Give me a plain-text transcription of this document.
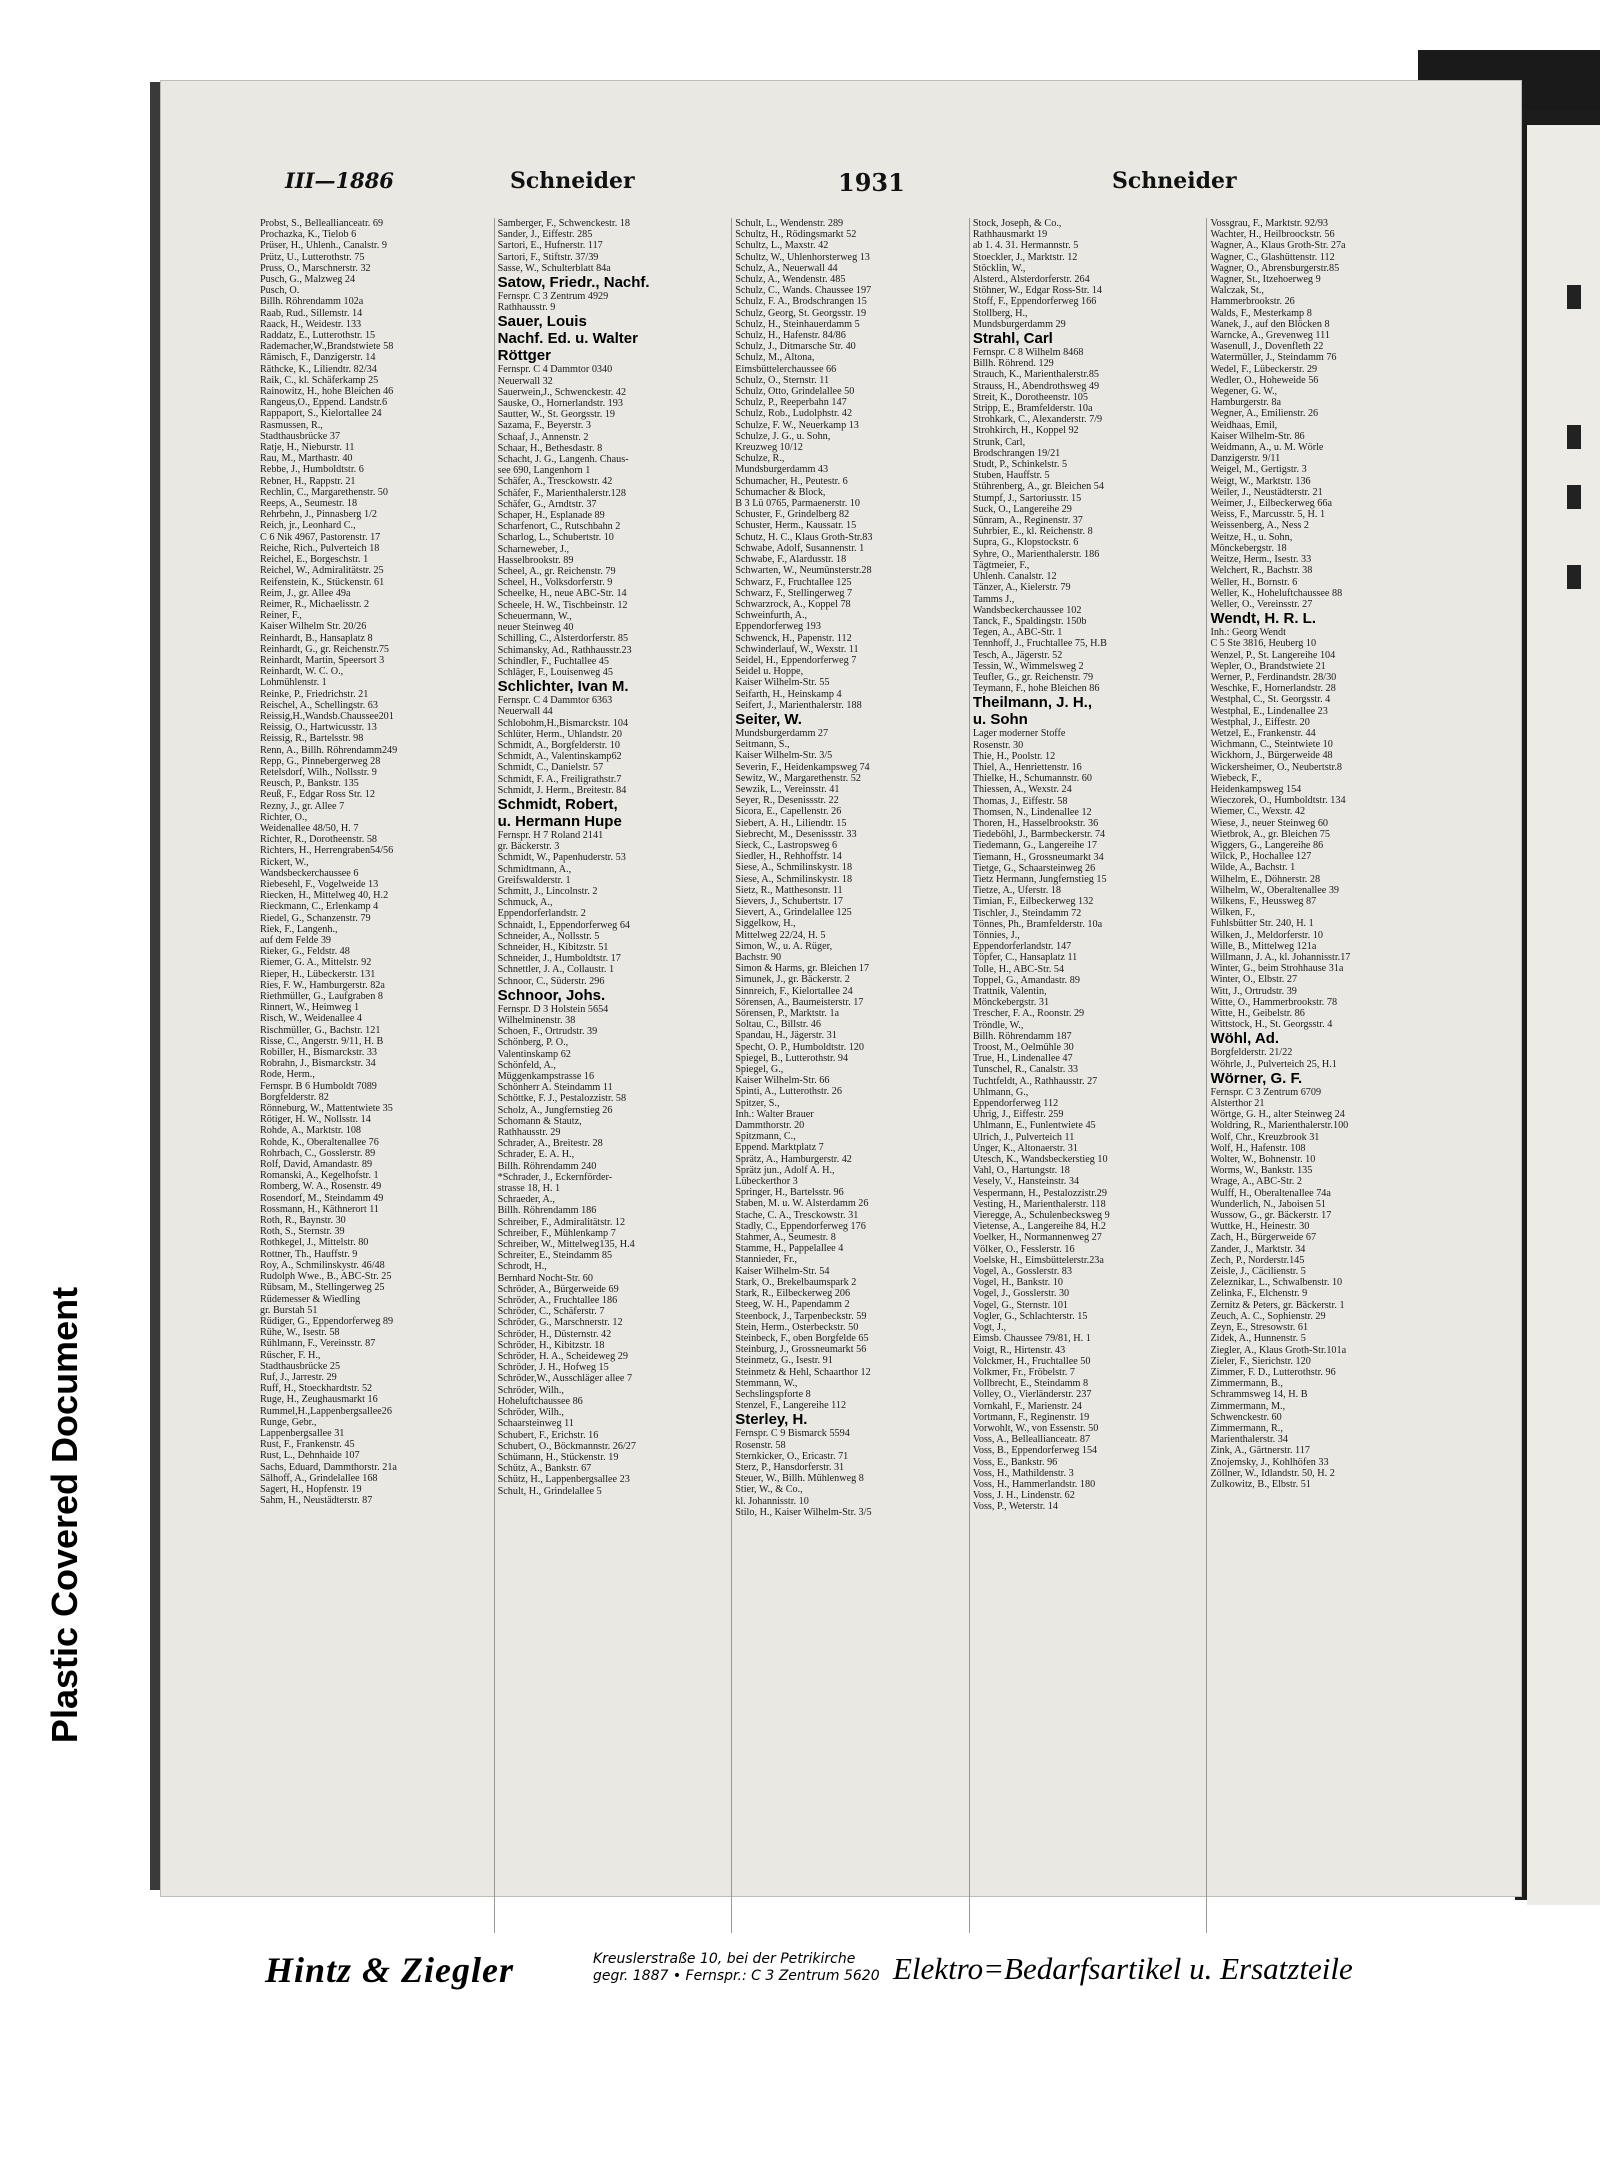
III—1886	Schneider	1931	Schneider
Probst, S., Belleallianceatr. 69
Prochazka, K., Tielob 6
Prüser, H., Uhlenh., Canalstr. 9
Prütz, U., Lutterothstr. 75
Pruss, O., Marschnerstr. 32
Pusch, G., Malzweg 24
Pusch, O.
Billh. Röhrendamm 102a
Raab, Rud., Sillemstr. 14
Raack, H., Weidestr. 133
Raddatz, E., Lutterothstr. 15
Rademacher,W.,Brandstwiete 58
Rämisch, F., Danzigerstr. 14
Räthcke, K., Liliendtr. 82/34
Raik, C., kl. Schäferkamp 25
Rainowitz, H., hohe Bleichen 46
Rangeus,O., Eppend. Landstr.6
Rappaport, S., Kielortallee 24
Rasmussen, R.,
Stadthausbrücke 37
Ratje, H., Nieburstr. 11
Rau, M., Marthastr. 40
Rebbe, J., Humboldtstr. 6
Rebner, H., Rappstr. 21
Rechlin, C., Margarethenstr. 50
Reeps, A., Seumestr. 18
Rehrbehn, J., Pinnasberg 1/2
Reich, jr., Leonhard C.,
C 6 Nik 4967, Pastorenstr. 17
Reiche, Rich., Pulverteich 18
Reichel, E., Borgeschstr. 1
Reichel, W., Admiralitätstr. 25
Reifenstein, K., Stückenstr. 61
Reim, J., gr. Allee 49a
Reimer, R., Michaelisstr. 2
Reiner, F.,
Kaiser Wilhelm Str. 20/26
Reinhardt, B., Hansaplatz 8
Reinhardt, G., gr. Reichenstr.75
Reinhardt, Martin, Speersort 3
Reinhardt, W. C. O.,
Lohmühlenstr. 1
Reinke, P., Friedrichstr. 21
Reischel, A., Schellingstr. 63
Reissig,H.,Wandsb.Chaussee201
Reissig, O., Hartwicusstr. 13
Reissig, R., Bartelsstr. 98
Renn, A., Billh. Röhrendamm249
Repp, G., Pinnebergerweg 28
Retelsdorf, Wilh., Nollsstr. 9
Reusch, P., Bankstr. 135
Reuß, F., Edgar Ross Str. 12
Rezny, J., gr. Allee 7
Richter, O.,
Weidenallee 48/50, H. 7
Richter, R., Dorotheenstr. 58
Richters, H., Herrengraben54/56
Rickert, W.,
Wandsbeckerchaussee 6
Riebesehl, F., Vogelweide 13
Riecken, H., Mittelweg 40, H.2
Rieckmann, C., Erlenkamp 4
Riedel, G., Schanzenstr. 79
Riek, F., Langenh.,
auf dem Felde 39
Rieker, G., Feldstr. 48
Riemer, G. A., Mittelstr. 92
Rieper, H., Lübeckerstr. 131
Ries, F. W., Hamburgerstr. 82a
Riethmüller, G., Laufgraben 8
Rinnert, W., Heimweg 1
Risch, W., Weidenallee 4
Rischmüller, G., Bachstr. 121
Risse, C., Angerstr. 9/11, H. B
Robiller, H., Bismarckstr. 33
Robrahn, J., Bismarckstr. 34
Rode, Herm.,
Fernspr. B 6 Humboldt 7089
Borgfelderstr. 82
Rönneburg, W., Mattentwiete 35
Rötiger, H. W., Nollsstr. 14
Rohde, A., Marktstr. 108
Rohde, K., Oberaltenallee 76
Rohrbach, C., Gosslerstr. 89
Rolf, David, Amandastr. 89
Romanski, A., Kegelhofstr. 1
Romberg, W. A., Rosenstr. 49
Rosendorf, M., Steindamm 49
Rossmann, H., Käthnerort 11
Roth, R., Baynstr. 30
Roth, S., Sternstr. 39
Rothkegel, J., Mittelstr. 80
Rottner, Th., Hauffstr. 9
Roy, A., Schmilinskystr. 46/48
Rudolph Wwe., B., ABC-Str. 25
Rübsam, M., Stellingerweg 25
Rüdemesser & Wiedling
gr. Burstah 51
Rüdiger, G., Eppendorferweg 89
Rühe, W., Isestr. 58
Rühlmann, F., Vereinsstr. 87
Rüscher, F. H.,
Stadthausbrücke 25
Ruf, J., Jarrestr. 29
Ruff, H., Stoeckhardtstr. 52
Ruge, H., Zeughausmarkt 16
Rummel,H.,Lappenbergsallee26
Runge, Gebr.,
Lappenbergsallee 31
Rust, F., Frankenstr. 45
Rust, L., Dehnhaide 107
Sachs, Eduard, Dammthorstr. 21a
Sälhoff, A., Grindelallee 168
Sagert, H., Hopfenstr. 19
Sahm, H., Neustädterstr. 87
Samberger, F., Schwenckestr. 18
Sander, J., Eiffestr. 285
Sartori, E., Hufnerstr. 117
Sartori, F., Stiftstr. 37/39
Sasse, W., Schulterblatt 84a
Satow, Friedr., Nachf.
Fernspr. C 3 Zentrum 4929
Rathhausstr. 9
Sauer, Louis
Nachf. Ed. u. Walter
Röttger
Fernspr. C 4 Dammtor 0340
Neuerwall 32
Sauerwein,J., Schwenckestr. 42
Sauske, O., Hornerlandstr. 193
Sautter, W., St. Georgsstr. 19
Sazama, F., Beyerstr. 3
Schaaf, J., Annenstr. 2
Schaar, H., Bethesdastr. 8
Schacht, J. G., Langenh. Chaus-
see 690, Langenhorn 1
Schäfer, A., Tresckowstr. 42
Schäfer, F., Marienthalerstr.128
Schäfer, G., Arndtstr. 37
Schaper, H., Esplanade 89
Scharfenort, C., Rutschbahn 2
Scharlog, L., Schubertstr. 10
Scharneweber, J.,
Hasselbrookstr. 89
Scheel, A., gr. Reichenstr. 79
Scheel, H., Volksdorferstr. 9
Scheelke, H., neue ABC-Str. 14
Scheele, H. W., Tischbeinstr. 12
Scheuermann, W.,
neuer Steinweg 40
Schilling, C., Alsterdorferstr. 85
Schimansky, Ad., Rathhausstr.23
Schindler, F., Fuchtallee 45
Schläger, F., Louisenweg 45
Schlichter, Ivan M.
Fernspr. C 4 Dammtor 6363
Neuerwall 44
Schlobohm,H.,Bismarckstr. 104
Schlüter, Herm., Uhlandstr. 20
Schmidt, A., Borgfelderstr. 10
Schmidt, A., Valentinskamp62
Schmidt, C., Danielstr. 57
Schmidt, F. A., Freiligrathstr.7
Schmidt, J. Herm., Breitestr. 84
Schmidt, Robert,
u. Hermann Hupe
Fernspr. H 7 Roland 2141
gr. Bäckerstr. 3
Schmidt, W., Papenhuderstr. 53
Schmidtmann, A.,
Greifswalderstr. 1
Schmitt, J., Lincolnstr. 2
Schmuck, A.,
Eppendorferlandstr. 2
Schnaidt, I., Eppendorferweg 64
Schneider, A., Nollsstr. 5
Schneider, H., Kibitzstr. 51
Schneider, J., Humboldtstr. 17
Schnettler, J. A., Collaustr. 1
Schnoor, C., Süderstr. 296
Schnoor, Johs.
Fernspr. D 3 Holstein 5654
Wilhelminenstr. 38
Schoen, F., Ortrudstr. 39
Schönberg, P. O.,
Valentinskamp 62
Schönfeld, A.,
Müggenkampstrasse 16
Schönherr A. Steindamm 11
Schöttke, F. J., Pestalozzistr. 58
Scholz, A., Jungfernstieg 26
Schomann & Stautz,
Rathhausstr. 29
Schrader, A., Breitestr. 28
Schrader, E. A. H.,
Billh. Röhrendamm 240
*Schrader, J., Eckernförder-
strasse 18, H. 1
Schraeder, A.,
Billh. Röhrendamm 186
Schreiber, F., Admiralitätstr. 12
Schreiber, F., Mühlenkamp 7
Schreiber, W., Mittelweg135, H.4
Schreiter, E., Steindamm 85
Schrodt, H.,
Bernhard Nocht-Str. 60
Schröder, A., Bürgerweide 69
Schröder, A., Fruchtallee 186
Schröder, C., Schäferstr. 7
Schröder, G., Marschnerstr. 12
Schröder, H., Düsternstr. 42
Schröder, H., Kibitzstr. 18
Schröder, H. A., Scheideweg 29
Schröder, J. H., Hofweg 15
Schröder,W., Ausschläger allee 7
Schröder, Wilh.,
Hoheluftchaussee 86
Schröder, Wilh.,
Schaarsteinweg 11
Schubert, F., Erichstr. 16
Schubert, O., Böckmannstr. 26/27
Schümann, H., Stückenstr. 19
Schütz, A., Bankstr. 67
Schütz, H., Lappenbergsallee 23
Schult, H., Grindelallee 5
Schult, L., Wendenstr. 289
Schultz, H., Rödingsmarkt 52
Schultz, L., Maxstr. 42
Schultz, W., Uhlenhorsterweg 13
Schulz, A., Neuerwall 44
Schulz, A., Wendenstr. 485
Schulz, C., Wands. Chaussee 197
Schulz, F. A., Brodschrangen 15
Schulz, Georg, St. Georgsstr. 19
Schulz, H., Steinhauerdamm 5
Schulz, H., Hafenstr. 84/86
Schulz, J., Ditmarsche Str. 40
Schulz, M., Altona,
Eimsbüttelerchaussee 66
Schulz, O., Sternstr. 11
Schulz, Otto, Grindelallee 50
Schulz, P., Reeperbahn 147
Schulz, Rob., Ludolphstr. 42
Schulze, F. W., Neuerkamp 13
Schulze, J. G., u. Sohn,
Kreuzweg 10/12
Schulze, R.,
Mundsburgerdamm 43
Schumacher, H., Peutestr. 6
Schumacher & Block,
B 3 Lü 0765, Parmaenerstr. 10
Schuster, F., Grindelberg 82
Schuster, Herm., Kaussatr. 15
Schutz, H. C., Klaus Groth-Str.83
Schwabe, Adolf, Susannenstr. 1
Schwabe, F., Alardusstr. 18
Schwarten, W., Neumünsterstr.28
Schwarz, F., Fruchtallee 125
Schwarz, F., Stellingerweg 7
Schwarzrock, A., Koppel 78
Schweinfurth, A.,
Eppendorferweg 193
Schwenck, H., Papenstr. 112
Schwinderlauf, W., Wexstr. 11
Seidel, H., Eppendorferweg 7
Seidel u. Hoppe,
Kaiser Wilhelm-Str. 55
Seifarth, H., Heinskamp 4
Seifert, J., Marienthalerstr. 188
Seiter, W.
Mundsburgerdamm 27
Seitmann, S.,
Kaiser Wilhelm-Str. 3/5
Severin, F., Heidenkampsweg 74
Sewitz, W., Margarethenstr. 52
Sewzik, L., Vereinsstr. 41
Seyer, R., Desenissstr. 22
Sicora, E., Capellenstr. 26
Siebert, A. H., Liliendtr. 15
Siebrecht, M., Desenissstr. 33
Sieck, C., Lastropsweg 6
Siedler, H., Rehhoffstr. 14
Siese, A., Schmilinskystr. 18
Siese, A., Schmilinskystr. 18
Sietz, R., Matthesonstr. 11
Sievers, J., Schubertstr. 17
Sievert, A., Grindelallee 125
Siggelkow, H.,
Mittelweg 22/24, H. 5
Simon, W., u. A. Rüger,
Bachstr. 90
Simon & Harms, gr. Bleichen 17
Simunek, J., gr. Bäckerstr. 2
Sinnreich, F., Kielortallee 24
Sörensen, A., Baumeisterstr. 17
Sörensen, P., Marktstr. 1a
Soltau, C., Billstr. 46
Spandau, H., Jägerstr. 31
Specht, O. P., Humboldtstr. 120
Spiegel, B., Lutterothstr. 94
Spiegel, G.,
Kaiser Wilhelm-Str. 66
Spinti, A., Lutterothstr. 26
Spitzer, S.,
Inh.: Walter Brauer
Dammthorstr. 20
Spitzmann, C.,
Eppend. Marktplatz 7
Sprätz, A., Hamburgerstr. 42
Sprätz jun., Adolf A. H.,
Lübeckerthor 3
Springer, H., Bartelsstr. 96
Staben, M. u. W. Alsterdamm 26
Stache, C. A., Tresckowstr. 31
Stadly, C., Eppendorferweg 176
Stahmer, A., Seumestr. 8
Stamme, H., Pappelallee 4
Stannieder, Fr.,
Kaiser Wilhelm-Str. 54
Stark, O., Brekelbaumspark 2
Stark, R., Eilbeckerweg 206
Steeg, W. H., Papendamm 2
Steenbock, J., Tarpenbeckstr. 59
Stein, Herm., Osterbeckstr. 50
Steinbeck, F., oben Borgfelde 65
Steinburg, J., Grossneumarkt 56
Steinmetz, G., Isestr. 91
Steinmetz & Hehl, Schaarthor 12
Stemmann, W.,
Sechslingspforte 8
Stenzel, F., Langereihe 112
Sterley, H.
Fernspr. C 9 Bismarck 5594
Rosenstr. 58
Sternkicker, O., Ericastr. 71
Sterz, P., Hansdorferstr. 31
Steuer, W., Billh. Mühlenweg 8
Stier, W., & Co.,
kl. Johannisstr. 10
Stilo, H., Kaiser Wilhelm-Str. 3/5
Stock, Joseph, & Co.,
Rathhausmarkt 19
ab 1. 4. 31. Hermannstr. 5
Stoeckler, J., Marktstr. 12
Stöcklin, W.,
Alsterd., Alsterdorferstr. 264
Stöhner, W., Edgar Ross-Str. 14
Stoff, F., Eppendorferweg 166
Stollberg, H.,
Mundsburgerdamm 29
Strahl, Carl
Fernspr. C 8 Wilhelm 8468
Billh. Röhrend. 129
Strauch, K., Marienthalerstr.85
Strauss, H., Abendrothsweg 49
Streit, K., Dorotheenstr. 105
Stripp, E., Bramfelderstr. 10a
Strohkark, C., Alexanderstr. 7/9
Strohkirch, H., Koppel 92
Strunk, Carl,
Brodschrangen 19/21
Studt, P., Schinkelstr. 5
Stuben, Hauffstr. 5
Stührenberg, A., gr. Bleichen 54
Stumpf, J., Sartoriusstr. 15
Suck, O., Langereihe 29
Sünram, A., Reginenstr. 37
Suhrbier, E., kl. Reichenstr. 8
Supra, G., Klopstockstr. 6
Syhre, O., Marienthalerstr. 186
Tägtmeier, F.,
Uhlenh. Canalstr. 12
Tänzer, A., Kielerstr. 79
Tamms J.,
Wandsbeckerchaussee 102
Tanck, F., Spaldingstr. 150b
Tegen, A., ABC-Str. 1
Tennhoff, J., Fruchtallee 75, H.B
Tesch, A., Jägerstr. 52
Tessin, W., Wimmelsweg 2
Teufler, G., gr. Reichenstr. 79
Teymann, F., hohe Bleichen 86
Theilmann, J. H.,
u. Sohn
Lager moderner Stoffe
Rosenstr. 30
Thie, H., Poolstr. 12
Thiel, A., Henriettenstr. 16
Thielke, H., Schumannstr. 60
Thiessen, A., Wexstr. 24
Thomas, J., Eiffestr. 58
Thomsen, N., Lindenallee 12
Thoren, H., Hasselbrookstr. 36
Tiedeböhl, J., Barmbeckerstr. 74
Tiedemann, G., Langereihe 17
Tiemann, H., Grossneumarkt 34
Tietge, G., Schaarsteinweg 26
Tietz Hermann, Jungfernstieg 15
Tietze, A., Uferstr. 18
Timian, F., Eilbeckerweg 132
Tischler, J., Steindamm 72
Tönnes, Ph., Bramfelderstr. 10a
Tönnies, J.,
Eppendorferlandstr. 147
Töpfer, C., Hansaplatz 11
Tolle, H., ABC-Str. 54
Toppel, G., Amandastr. 89
Trattnik, Valentin,
Mönckebergstr. 31
Trescher, F. A., Roonstr. 29
Tröndle, W.,
Billh. Röhrendamm 187
Troost, M., Oelmühle 30
True, H., Lindenallee 47
Tunschel, R., Canalstr. 33
Tuchtfeldt, A., Rathhausstr. 27
Uhlmann, G.,
Eppendorferweg 112
Uhrig, J., Eiffestr. 259
Uhlmann, E., Funlentwiete 45
Ulrich, J., Pulverteich 11
Unger, K., Altonaerstr. 31
Utesch, K., Wandsbeckerstieg 10
Vahl, O., Hartungstr. 18
Vesely, V., Hansteinstr. 34
Vespermann, H., Pestalozzistr.29
Vesting, H., Marienthalerstr. 118
Vieregge, A., Schulenbecksweg 9
Vietense, A., Langereihe 84, H.2
Voelker, H., Normannenweg 27
Völker, O., Fesslerstr. 16
Voelske, H., Eimsbüttelerstr.23a
Vogel, A., Gosslerstr. 83
Vogel, H., Bankstr. 10
Vogel, J., Gosslerstr. 30
Vogel, G., Sternstr. 101
Vogler, G., Schlachterstr. 15
Vogt, J.,
Eimsb. Chaussee 79/81, H. 1
Voigt, R., Hirtenstr. 43
Volckmer, H., Fruchtallee 50
Volkmer, Fr., Fröbelstr. 7
Vollbrecht, E., Steindamm 8
Volley, O., Vierländerstr. 237
Vornkahl, F., Marienstr. 24
Vortmann, F., Reginenstr. 19
Vorwohlt, W., von Essenstr. 50
Voss, A., Belleallianceatr. 87
Voss, B., Eppendorferweg 154
Voss, E., Bankstr. 96
Voss, H., Mathildenstr. 3
Voss, H., Hammerlandstr. 180
Voss, J. H., Lindenstr. 62
Voss, P., Weterstr. 14
Vossgrau, F., Marktstr. 92/93
Wachter, H., Heilbroockstr. 56
Wagner, A., Klaus Groth-Str. 27a
Wagner, C., Glashüttenstr. 112
Wagner, O., Abrensburgerstr.85
Wagner, St., Itzehoerweg 9
Walczak, St.,
Hammerbrookstr. 26
Walds, F., Mesterkamp 8
Wanek, J., auf den Blöcken 8
Warncke, A., Grevenweg 111
Wasenull, J., Dovenfleth 22
Watermüller, J., Steindamm 76
Wedel, F., Lübeckerstr. 29
Wedler, O., Hoheweide 56
Wegener, G. W.,
Hamburgerstr. 8a
Wegner, A., Emilienstr. 26
Weidhaas, Emil,
Kaiser Wilhelm-Str. 86
Weidmann, A., u. M. Wörle
Danzigerstr. 9/11
Weigel, M., Gertigstr. 3
Weigt, W., Marktstr. 136
Weiler, J., Neustädterstr. 21
Weimer, J., Eilbeckerweg 66a
Weiss, F., Marcusstr. 5, H. 1
Weissenberg, A., Ness 2
Weitze, H., u. Sohn,
Mönckebergstr. 18
Weitze, Herm., Isestr. 33
Welchert, R., Bachstr. 38
Weller, H., Bornstr. 6
Weller, K., Hoheluftchaussee 88
Weller, O., Vereinsstr. 27
Wendt, H. R. L.
Inh.: Georg Wendt
C 5 Ste 3816, Heuberg 10
Wenzel, P., St. Langereihe 104
Wepler, O., Brandstwiete 21
Werner, P., Ferdinandstr. 28/30
Weschke, F., Hornerlandstr. 28
Westphal, C., St. Georgsstr. 4
Westphal, E., Lindenallee 23
Westphal, J., Eiffestr. 20
Wetzel, E., Frankenstr. 44
Wichmann, C., Steintwiete 10
Wickhorn, J., Bürgerweide 48
Wickersheimer, O., Neubertstr.8
Wiebeck, F.,
Heidenkampsweg 154
Wieczorek, O., Humboldtstr. 134
Wiemer, C., Wexstr. 42
Wiese, J., neuer Steinweg 60
Wietbrok, A., gr. Bleichen 75
Wiggers, G., Langereihe 86
Wilck, P., Hochallee 127
Wilde, A., Bachstr. 1
Wilhelm, E., Döhnerstr. 28
Wilhelm, W., Oberaltenallee 39
Wilkens, F., Heussweg 87
Wilken, F.,
Fuhlsbütter Str. 240, H. 1
Wilken, J., Meldorferstr. 10
Wille, B., Mittelweg 121a
Willmann, J. A., kl. Johannisstr.17
Winter, G., beim Strohhause 31a
Winter, O., Elbstr. 27
Witt, J., Ortrudstr. 39
Witte, O., Hammerbrookstr. 78
Witte, H., Geibelstr. 86
Wittstock, H., St. Georgsstr. 4
Wöhl, Ad.
Borgfelderstr. 21/22
Wöhrle, J., Pulverteich 25, H.1
Wörner, G. F.
Fernspr. C 3 Zentrum 6709
Alsterthor 21
Wörtge, G. H., alter Steinweg 24
Woldring, R., Marienthalerstr.100
Wolf, Chr., Kreuzbrook 31
Wolf, H., Hafenstr. 108
Wolter, W., Bohnenstr. 10
Worms, W., Bankstr. 135
Wrage, A., ABC-Str. 2
Wulff, H., Oberaltenallee 74a
Wunderlich, N., Jaboisen 51
Wussow, G., gr. Bäckerstr. 17
Wuttke, H., Heinestr. 30
Zach, H., Bürgerweide 67
Zander, J., Marktstr. 34
Zech, P., Norderstr.145
Zeisle, J., Cäcilienstr. 5
Zeleznikar, L., Schwalbenstr. 10
Zelinka, F., Elchenstr. 9
Zernitz & Peters, gr. Bäckerstr. 1
Zeuch, A. C., Sophienstr. 29
Zeyn, E., Stresowstr. 61
Zidek, A., Hunnenstr. 5
Ziegler, A., Klaus Groth-Str.101a
Zieler, F., Sierichstr. 120
Zimmer, F. D., Lutterothstr. 96
Zimmermann, B.,
Schrammsweg 14, H. B
Zimmermann, M.,
Schwenckestr. 60
Zimmermann, R.,
Marienthalerstr. 34
Zink, A., Gärtnerstr. 117
Znojemsky, J., Kohlhöfen 33
Zöllner, W., Idlandstr. 50, H. 2
Zulkowitz, B., Elbstr. 51
Hintz & Ziegler	Kreuslerstraße 10, bei der Petrikirche
gegr. 1887 • Fernspr.: C 3 Zentrum 5620 Elektro=Bedarfsartikel u. Ersatzteile
Plastic Covered Document
